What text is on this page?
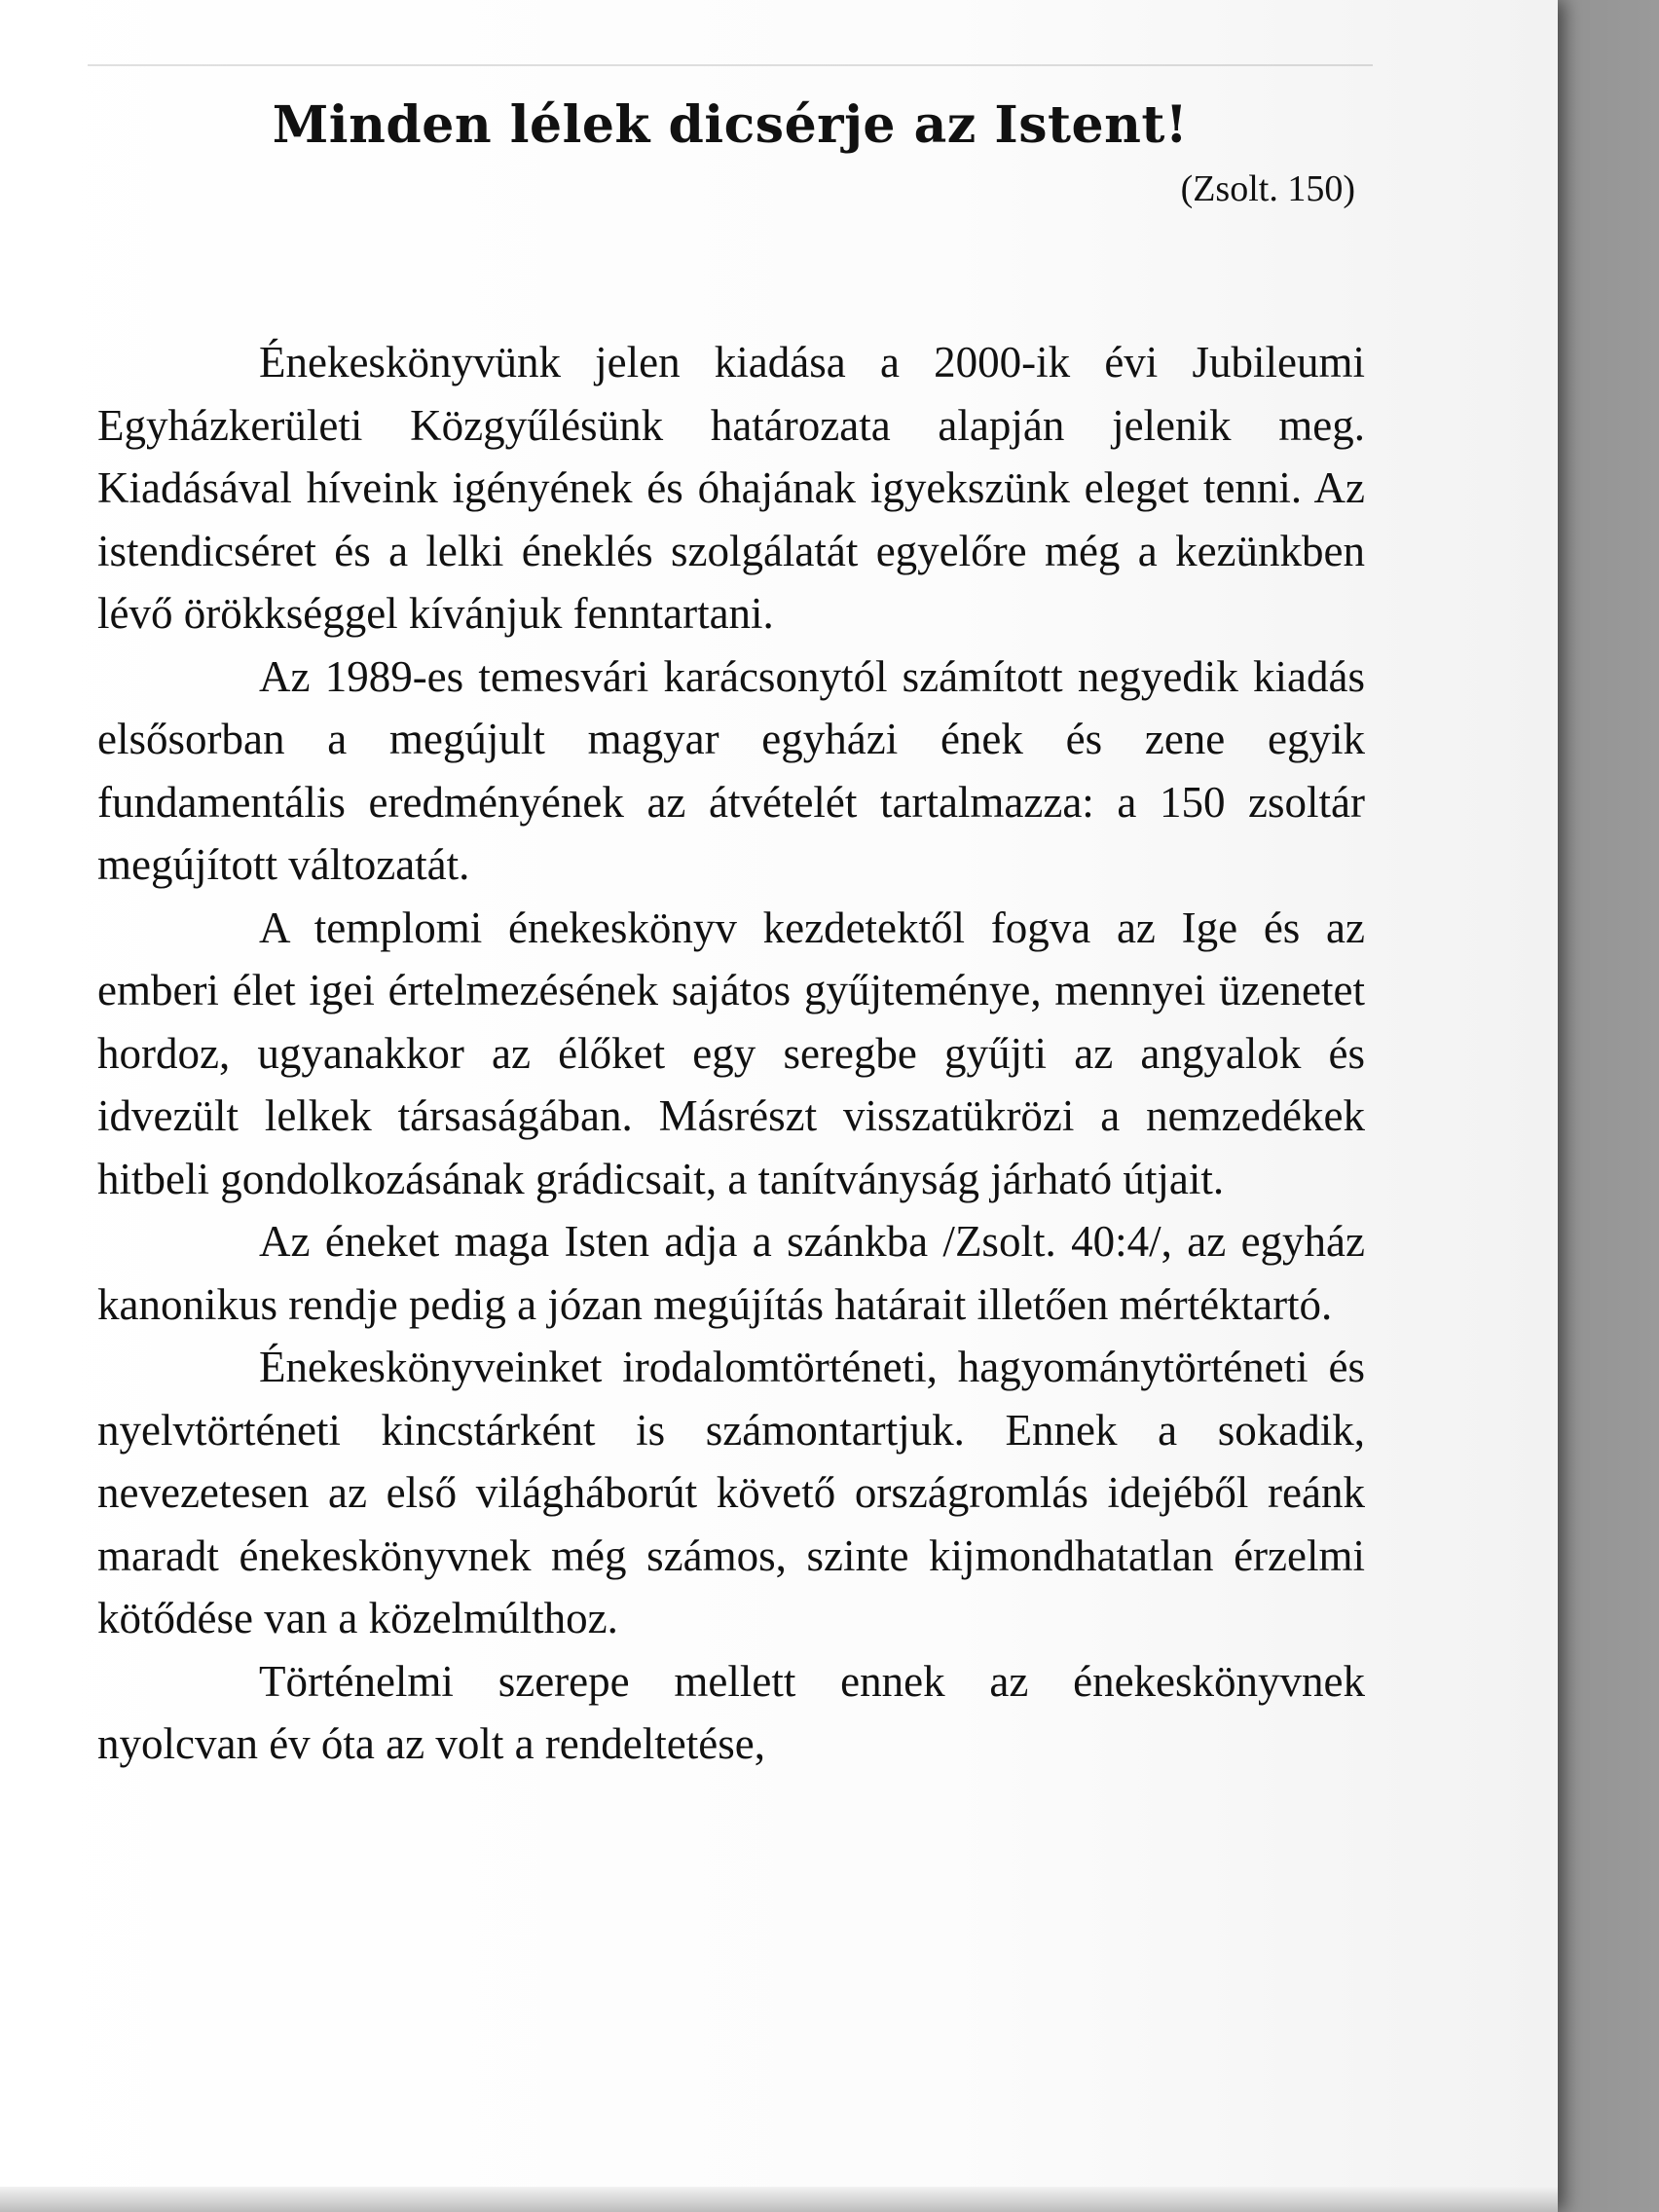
Minden lélek dicsérje az Istent!
(Zsolt. 150)

Énekeskönyvünk jelen kiadása a 2000-ik évi Jubileumi Egyházkerületi Közgyűlésünk határozata alapján jelenik meg. Kiadásával híveink igényének és óhajának igyekszünk eleget tenni. Az istendicséret és a lelki éneklés szolgálatát egyelőre még a kezünkben lévő örökkséggel kívánjuk fenntartani.

Az 1989-es temesvári karácsonytól számított negyedik kiadás elsősorban a megújult magyar egyházi ének és zene egyik fundamentális eredményének az átvételét tartalmazza: a 150 zsoltár megújított változatát.

A templomi énekeskönyv kezdetektől fogva az Ige és az emberi élet igei értelmezésének sajátos gyűjteménye, mennyei üzenetet hordoz, ugyanakkor az élőket egy seregbe gyűjti az angyalok és idvezült lelkek társaságában. Másrészt visszatükrözi a nemzedékek hitbeli gondolkozásának grádicsait, a tanítványság járható útjait.

Az éneket maga Isten adja a szánkba /Zsolt. 40:4/, az egyház kanonikus rendje pedig a józan megújítás határait illetően mértéktartó.

Énekeskönyveinket irodalomtörténeti, hagyománytörténeti és nyelvtörténeti kincstárként is számontartjuk. Ennek a sokadik, nevezetesen az első világháborút követő országromlás idejéből reánk maradt énekeskönyvnek még számos, szinte kijmondhatatlan érzelmi kötődése van a közelmúlthoz.

Történelmi szerepe mellett ennek az énekeskönyvnek nyolcvan év óta az volt a rendeltetése,
